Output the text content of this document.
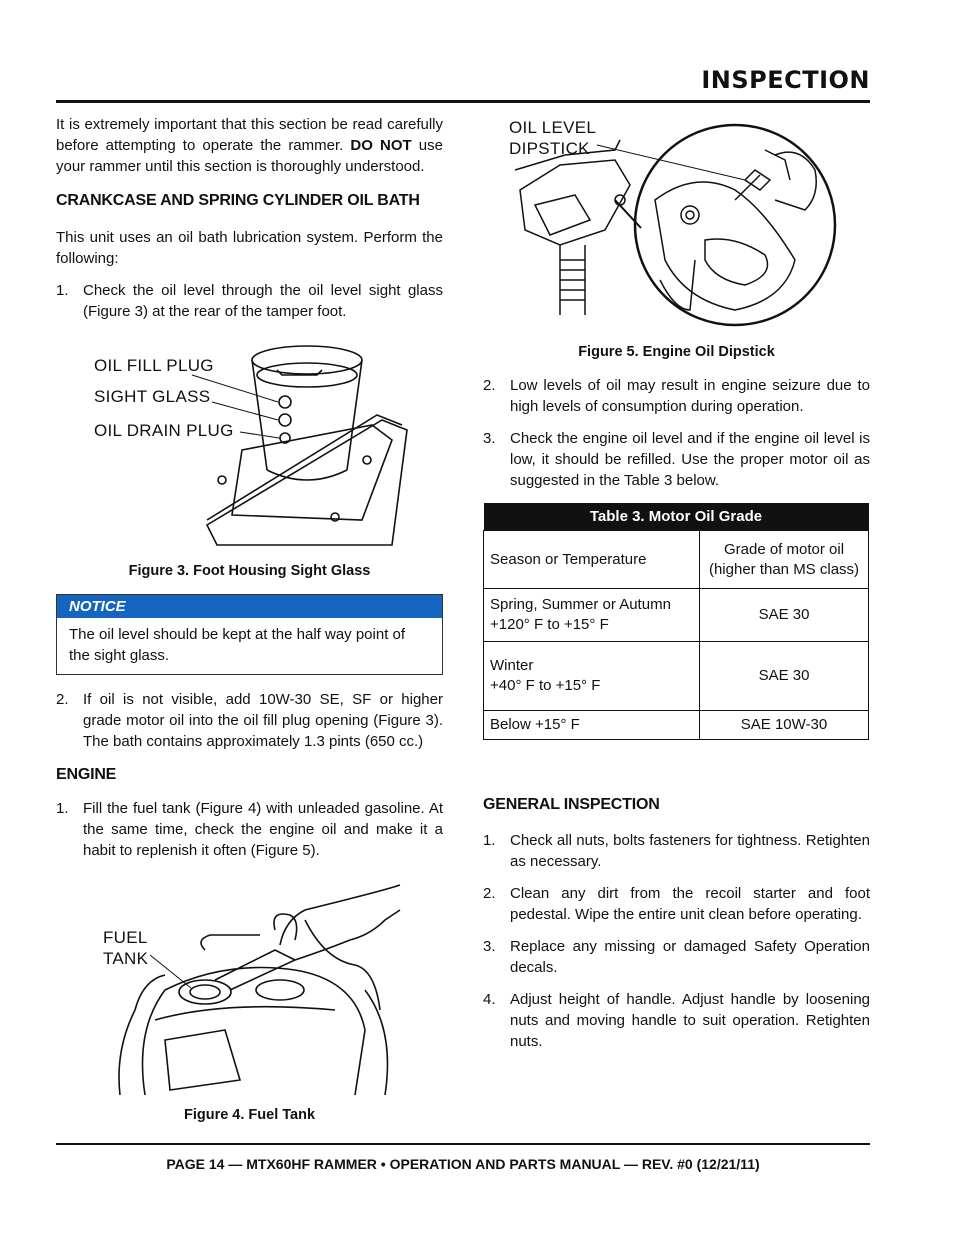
INSPECTION

It is extremely important that this section be read carefully before attempting to operate the rammer. DO NOT use your rammer until this section is thoroughly understood.

CRANKCASE AND SPRING CYLINDER OIL BATH

This unit uses an oil bath lubrication system. Perform the following:

1. Check the oil level through the oil level sight glass (Figure 3) at the rear of the tamper foot.
OIL FILL PLUG
SIGHT GLASS
OIL DRAIN PLUG
Figure 3. Foot Housing Sight Glass
NOTICE
The oil level should be kept at the half way point of the sight glass.
2. If oil is not visible, add 10W-30 SE, SF or higher grade motor oil into the oil fill plug opening (Figure 3). The bath contains approximately 1.3 pints (650 cc.)

ENGINE

1. Fill the fuel tank (Figure 4) with unleaded gasoline. At the same time, check the engine oil and make it a habit to replenish it often (Figure 5).
FUEL
TANK
Figure 4. Fuel Tank
OIL LEVEL
DIPSTICK
Figure 5. Engine Oil Dipstick
2. Low levels of oil may result in engine seizure due to high levels of consumption during operation.
3. Check the engine oil level and if the engine oil level is low, it should be refilled. Use the proper motor oil as suggested in the Table 3 below.
Table 3. Motor Oil Grade	
Season or Temperature	Grade of motor oil
(higher than MS class)
Spring, Summer or Autumn
+120° F to +15° F	SAE 30
Winter
+40° F to +15° F	SAE 30
Below +15° F	SAE 10W-30

GENERAL INSPECTION

1. Check all nuts, bolts fasteners for tightness. Retighten as necessary.
2. Clean any dirt from the recoil starter and foot pedestal. Wipe the entire unit clean before operating.
3. Replace any missing or damaged Safety Operation decals.
4. Adjust height of handle. Adjust handle by loosening nuts and moving handle to suit operation. Retighten nuts.
PAGE 14 — MTX60HF RAMMER • OPERATION AND PARTS MANUAL — REV. #0 (12/21/11)
